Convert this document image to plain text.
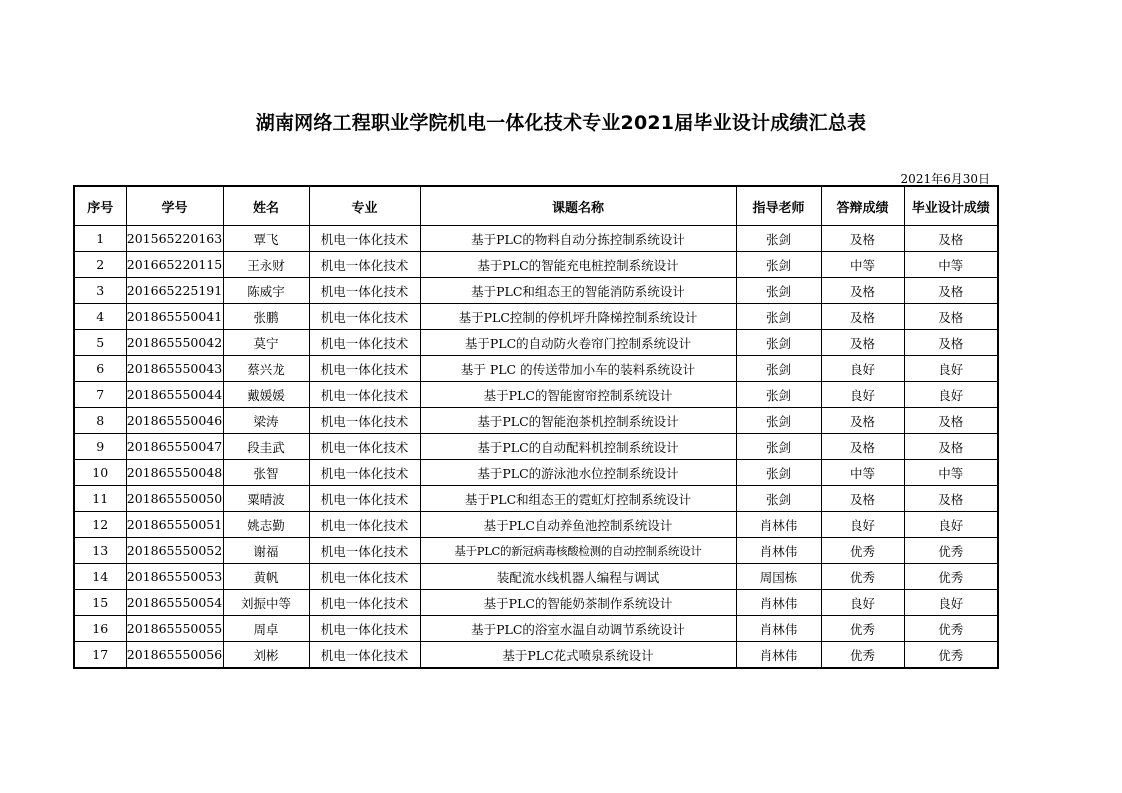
湖南网络工程职业学院机电一体化技术专业2021届毕业设计成绩汇总表
2021年6月30日
序号	学号	姓名	专业	课题名称	指导老师	答辩成绩	毕业设计成绩
1	201565220163	覃飞	机电一体化技术	基于PLC的物料自动分拣控制系统设计	张剑	及格	及格
2	201665220115	王永财	机电一体化技术	基于PLC的智能充电桩控制系统设计	张剑	中等	中等
3	201665225191	陈威宇	机电一体化技术	基于PLC和组态王的智能消防系统设计	张剑	及格	及格
4	201865550041	张鹏	机电一体化技术	基于PLC控制的停机坪升降梯控制系统设计	张剑	及格	及格
5	201865550042	莫宁	机电一体化技术	基于PLC的自动防火卷帘门控制系统设计	张剑	及格	及格
6	201865550043	蔡兴龙	机电一体化技术	基于 PLC 的传送带加小车的装料系统设计	张剑	良好	良好
7	201865550044	戴媛媛	机电一体化技术	基于PLC的智能窗帘控制系统设计	张剑	良好	良好
8	201865550046	梁涛	机电一体化技术	基于PLC的智能泡茶机控制系统设计	张剑	及格	及格
9	201865550047	段圭武	机电一体化技术	基于PLC的自动配料机控制系统设计	张剑	及格	及格
10	201865550048	张智	机电一体化技术	基于PLC的游泳池水位控制系统设计	张剑	中等	中等
11	201865550050	粟晴波	机电一体化技术	基于PLC和组态王的霓虹灯控制系统设计	张剑	及格	及格
12	201865550051	姚志勤	机电一体化技术	基于PLC自动养鱼池控制系统设计	肖林伟	良好	良好
13	201865550052	谢福	机电一体化技术	基于PLC的新冠病毒核酸检测的自动控制系统设计	肖林伟	优秀	优秀
14	201865550053	黄帆	机电一体化技术	装配流水线机器人编程与调试	周国栋	优秀	优秀
15	201865550054	刘振中等	机电一体化技术	基于PLC的智能奶茶制作系统设计	肖林伟	良好	良好
16	201865550055	周卓	机电一体化技术	基于PLC的浴室水温自动调节系统设计	肖林伟	优秀	优秀
17	201865550056	刘彬	机电一体化技术	基于PLC花式喷泉系统设计	肖林伟	优秀	优秀
